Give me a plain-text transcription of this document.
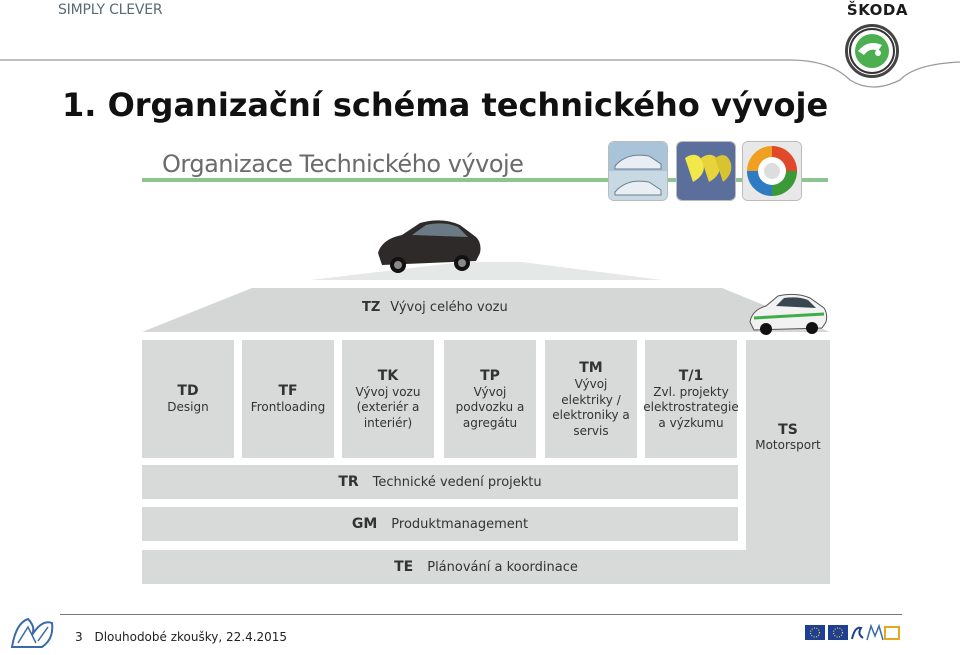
SIMPLY CLEVER	ŠKODA
1. Organizační schéma technického vývoje
Organizace Technického vývoje
TZ Vývoj celého vozu
TD
Design
TF
Frontloading
TK
Vývoj vozu (exteriér a interiér)
TP
Vývoj podvozku a agregátu
TM
Vývoj elektriky / elektroniky a servis
T/1
Zvl. projekty elektrostrategie a výzkumu	TS
Motorsport
TR Technické vedení projektu
GM Produktmanagement
TE Plánování a koordinace
3 Dlouhodobé zkoušky, 22.4.2015
